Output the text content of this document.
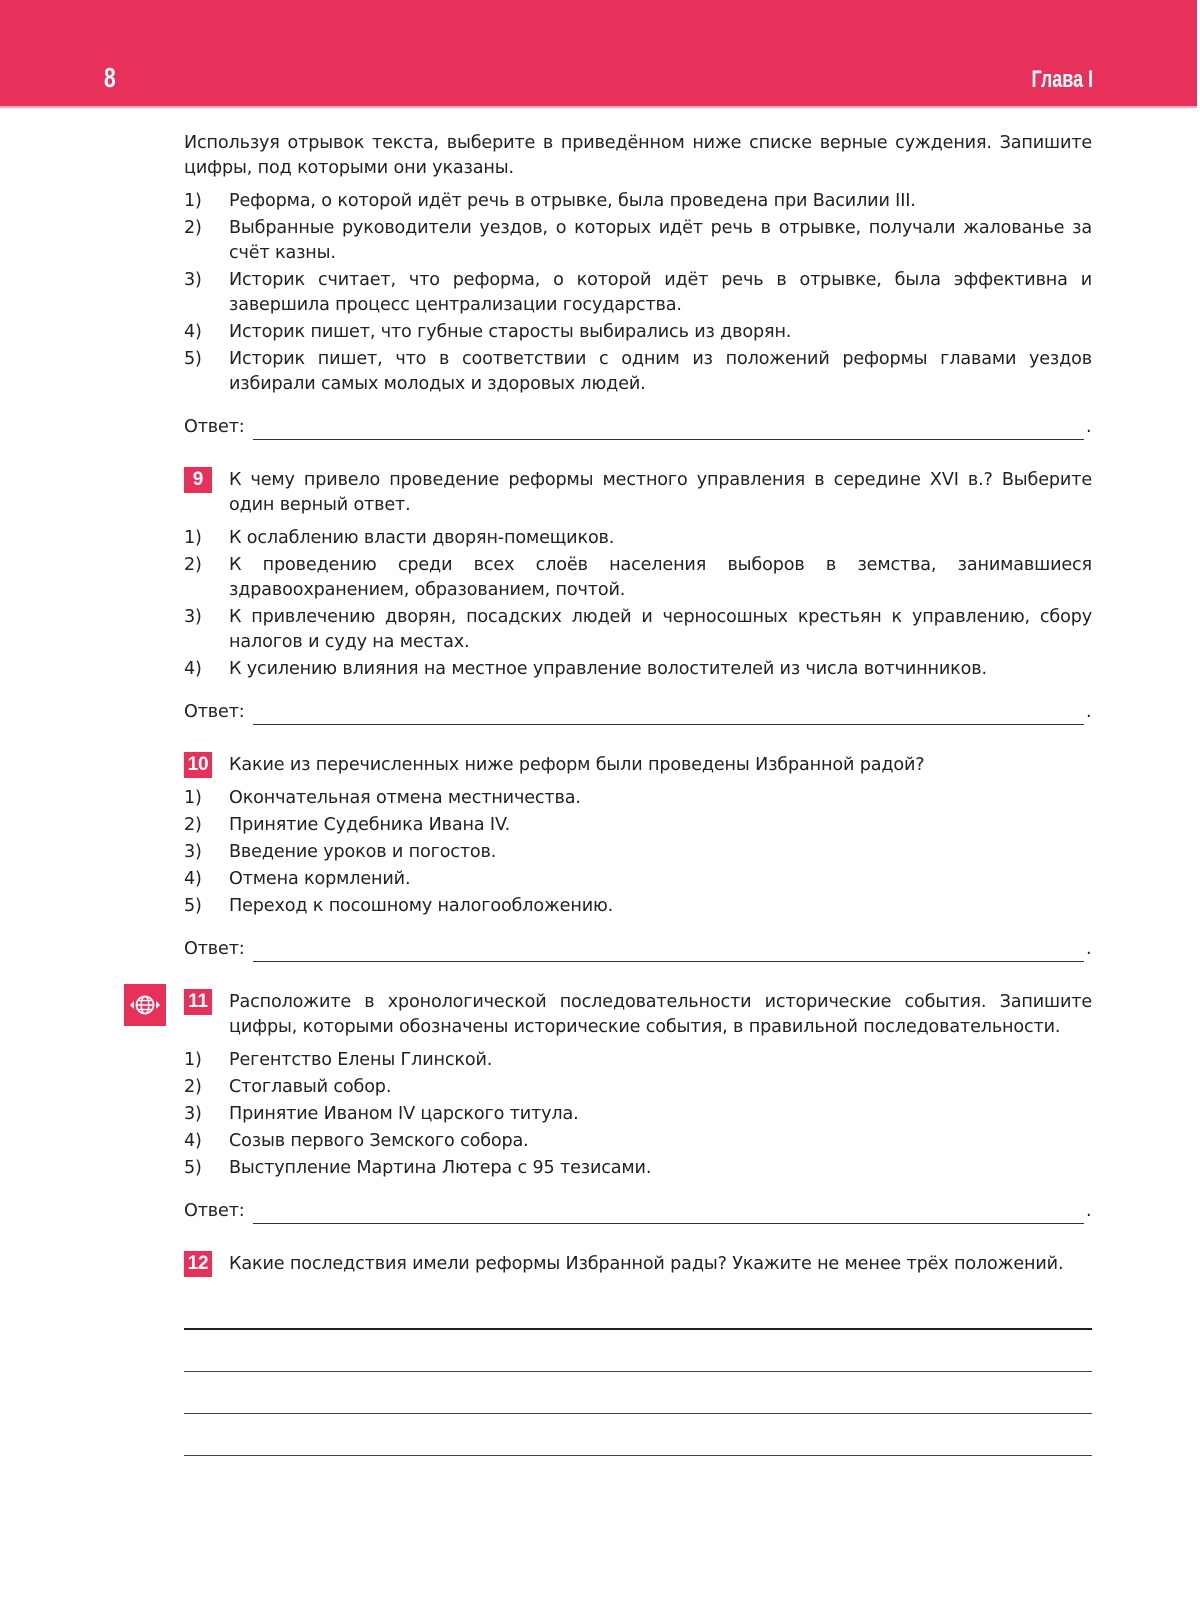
8	Глава I

Используя отрывок текста, выберите в приведённом ниже списке верные суждения. Запишите цифры, под которыми они указаны.

1)	Реформа, о которой идёт речь в отрывке, была проведена при Василии III.
2)	Выбранные руководители уездов, о которых идёт речь в отрывке, получали жалованье за счёт казны.
3)	Историк считает, что реформа, о которой идёт речь в отрывке, была эффективна и завершила процесс централизации государства.
4)	Историк пишет, что губные старосты выбирались из дворян.
5)	Историк пишет, что в соответствии с одним из положений реформы главами уездов избирали самых молодых и здоровых людей.
Ответ:	.
9	К чему привело проведение реформы местного управления в середине XVI в.? Выберите один верный ответ.
1)	К ослаблению власти дворян-помещиков.
2)	К проведению среди всех слоёв населения выборов в земства, занимавшиеся здравоохранением, образованием, почтой.
3)	К привлечению дворян, посадских людей и черносошных крестьян к управлению, сбору налогов и суду на местах.
4)	К усилению влияния на местное управление волостителей из числа вотчинников.
Ответ:	.
10 Какие из перечисленных ниже реформ были проведены Избранной радой?
1)	Окончательная отмена местничества.
2)	Принятие Судебника Ивана IV.
3)	Введение уроков и погостов.
4)	Отмена кормлений.
5)	Переход к посошному налогообложению.
Ответ:	.
11 Расположите в хронологической последовательности исторические события. Запишите цифры, которыми обозначены исторические события, в правильной последовательности.
1)	Регентство Елены Глинской.
2)	Стоглавый собор.
3)	Принятие Иваном IV царского титула.
4)	Созыв первого Земского собора.
5)	Выступление Мартина Лютера с 95 тезисами.
Ответ:	.
12 Какие последствия имели реформы Избранной рады? Укажите не менее трёх положений.
